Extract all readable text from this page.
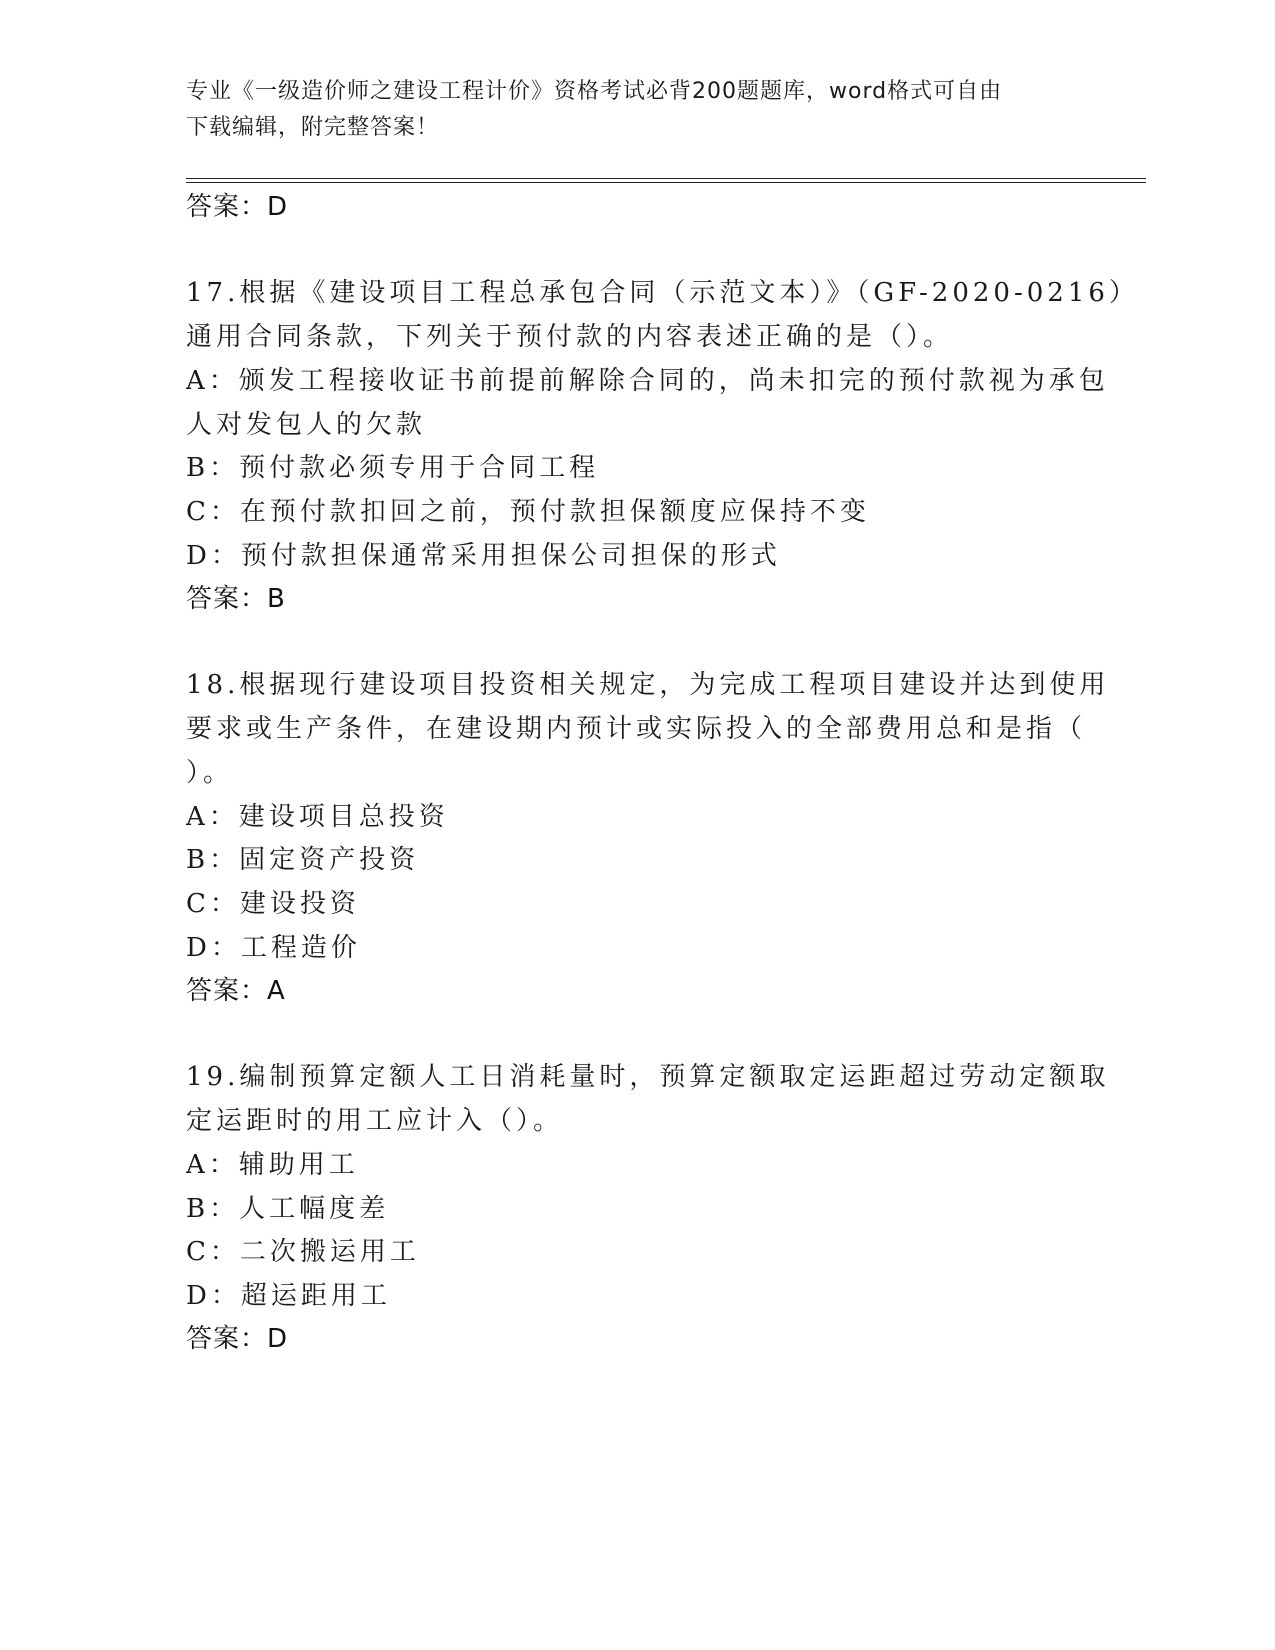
专业《一级造价师之建设工程计价》资格考试必背200题题库，word格式可自由
下载编辑，附完整答案！
答案：D
17.根据《建设项目工程总承包合同（示范文本）》（GF-2020-0216）
通用合同条款，下列关于预付款的内容表述正确的是（）。
A：颁发工程接收证书前提前解除合同的，尚未扣完的预付款视为承包
人对发包人的欠款
B：预付款必须专用于合同工程
C：在预付款扣回之前，预付款担保额度应保持不变
D：预付款担保通常采用担保公司担保的形式
答案：B
18.根据现行建设项目投资相关规定，为完成工程项目建设并达到使用
要求或生产条件，在建设期内预计或实际投入的全部费用总和是指（
）。
A：建设项目总投资
B：固定资产投资
C：建设投资
D：工程造价
答案：A
19.编制预算定额人工日消耗量时，预算定额取定运距超过劳动定额取
定运距时的用工应计入（）。
A：辅助用工
B：人工幅度差
C：二次搬运用工
D：超运距用工
答案：D
